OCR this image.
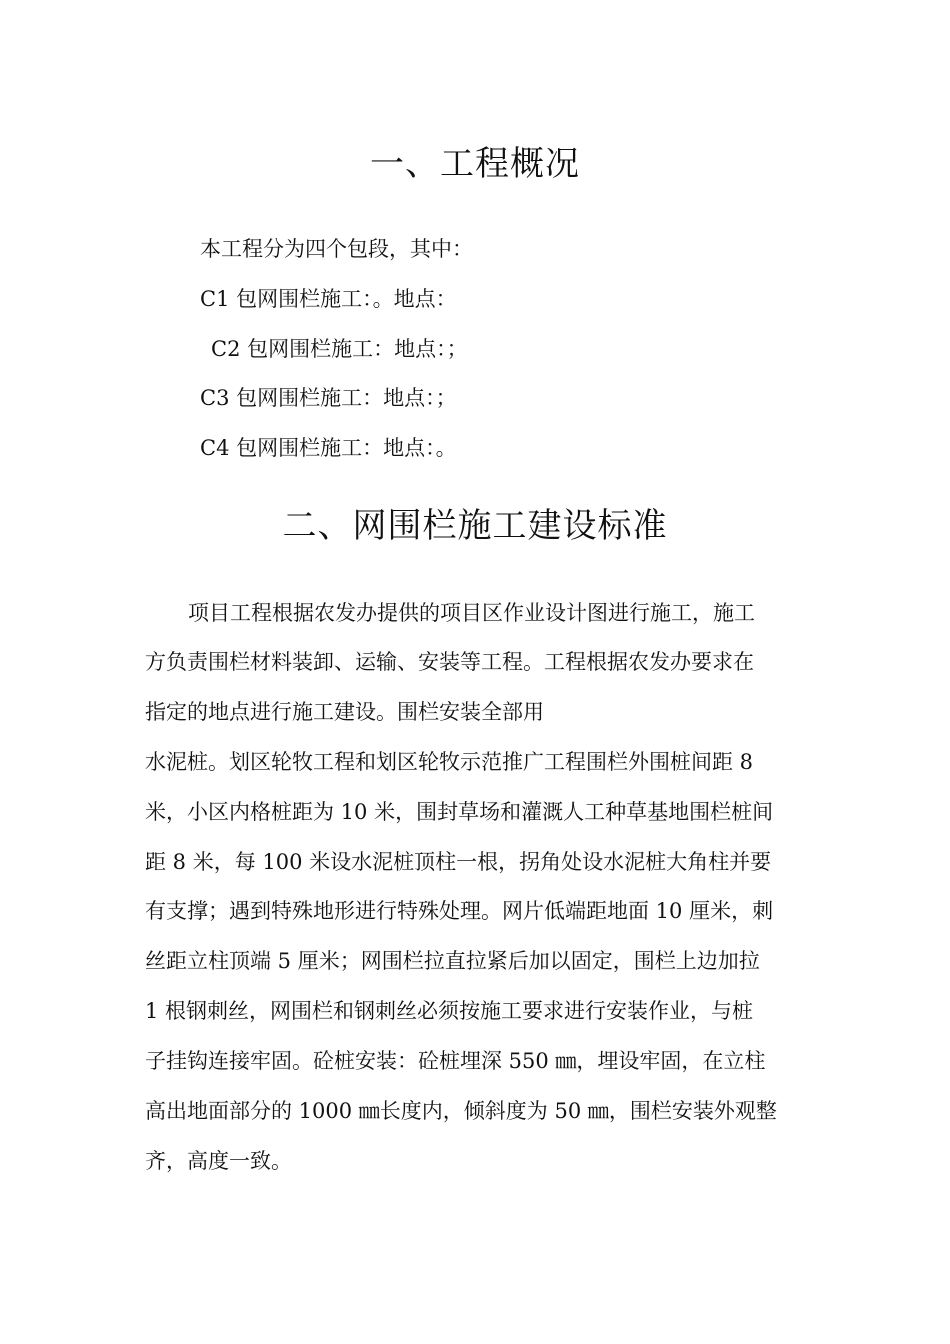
一、工程概况

本工程分为四个包段，其中：

C1 包网围栏施工：。地点：

C2 包网围栏施工：地点：；

C3 包网围栏施工：地点：；

C4 包网围栏施工：地点：。

二、网围栏施工建设标准

项目工程根据农发办提供的项目区作业设计图进行施工，施工

方负责围栏材料装卸、运输、安装等工程。工程根据农发办要求在

指定的地点进行施工建设。围栏安装全部用

水泥桩。划区轮牧工程和划区轮牧示范推广工程围栏外围桩间距 8

米，小区内格桩距为 10 米，围封草场和灌溉人工种草基地围栏桩间

距 8 米，每 100 米设水泥桩顶柱一根，拐角处设水泥桩大角柱并要

有支撑；遇到特殊地形进行特殊处理。网片低端距地面 10 厘米，刺

丝距立柱顶端 5 厘米；网围栏拉直拉紧后加以固定，围栏上边加拉

1 根钢刺丝，网围栏和钢刺丝必须按施工要求进行安装作业，与桩

子挂钩连接牢固。砼桩安装：砼桩埋深 550 ㎜，埋设牢固，在立柱

高出地面部分的 1000 ㎜长度内，倾斜度为 50 ㎜，围栏安装外观整

齐，高度一致。
